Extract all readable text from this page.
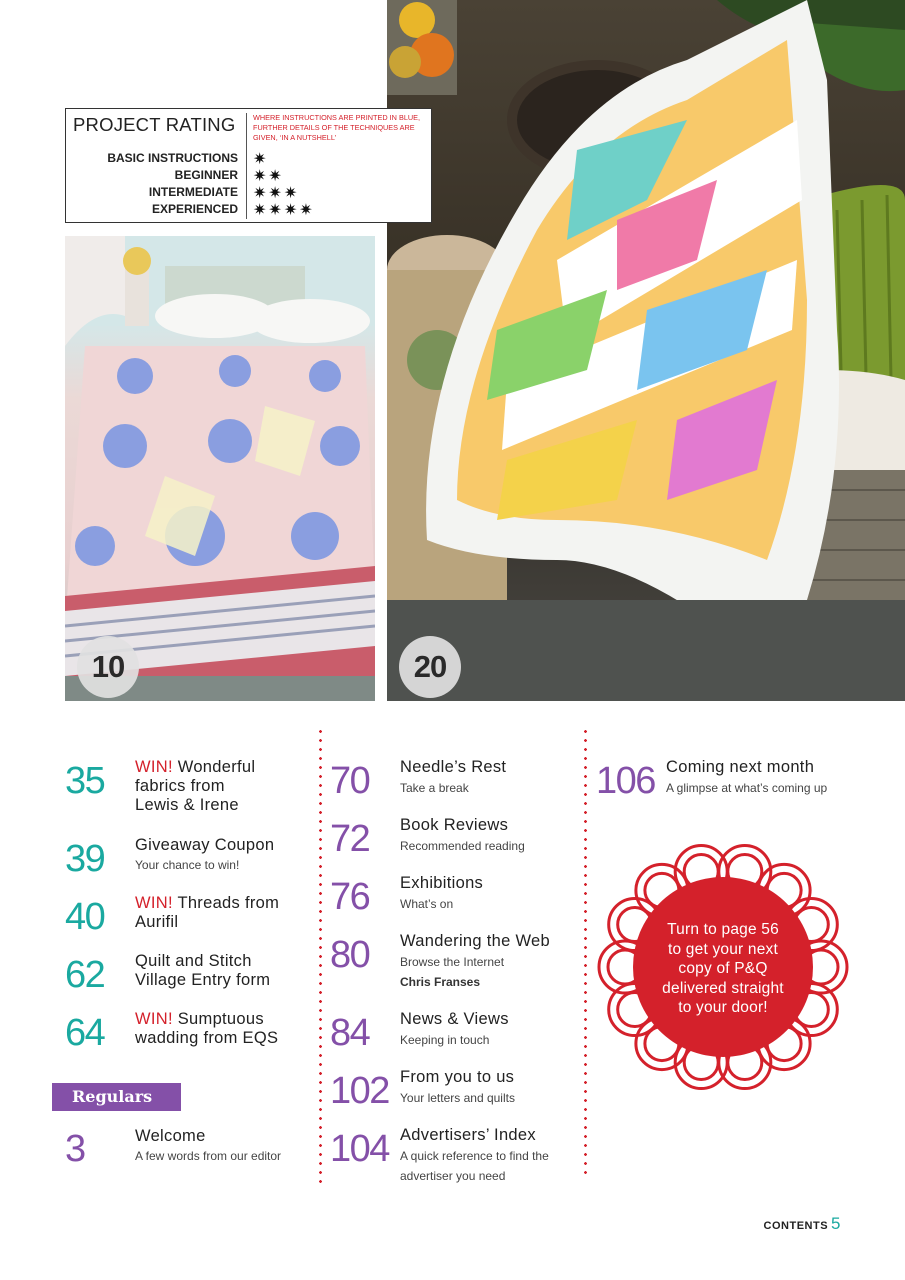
20
10
PROJECT RATING WHERE INSTRUCTIONS ARE PRINTED IN BLUE, FURTHER DETAILS OF THE TECHNIQUES ARE GIVEN, ‘IN A NUTSHELL’
BASIC INSTRUCTIONS ✷
BEGINNER ✷✷
INTERMEDIATE ✷✷✷
EXPERIENCED ✷✷✷✷
35 WIN! Wonderful
fabrics from
Lewis & Irene
39 Giveaway Coupon
Your chance to win!
40 WIN! Threads from
Aurifil
62 Quilt and Stitch
Village Entry form
64 WIN! Sumptuous
wadding from EQS
Regulars
3	Welcome
A few words from our editor
70 Needle’s Rest
Take a break
72 Book Reviews
Recommended reading
76 Exhibitions
What’s on
80 Wandering the Web
Browse the Internet
Chris Franses
84 News & Views
Keeping in touch
102 From you to us
Your letters and quilts
104 Advertisers’ Index
A quick reference to find the
advertiser you need
106 Coming next month
A glimpse at what’s coming up
Turn to page 56
to get your next
copy of P&Q
delivered straight
to your door!
CONTENTS 5
